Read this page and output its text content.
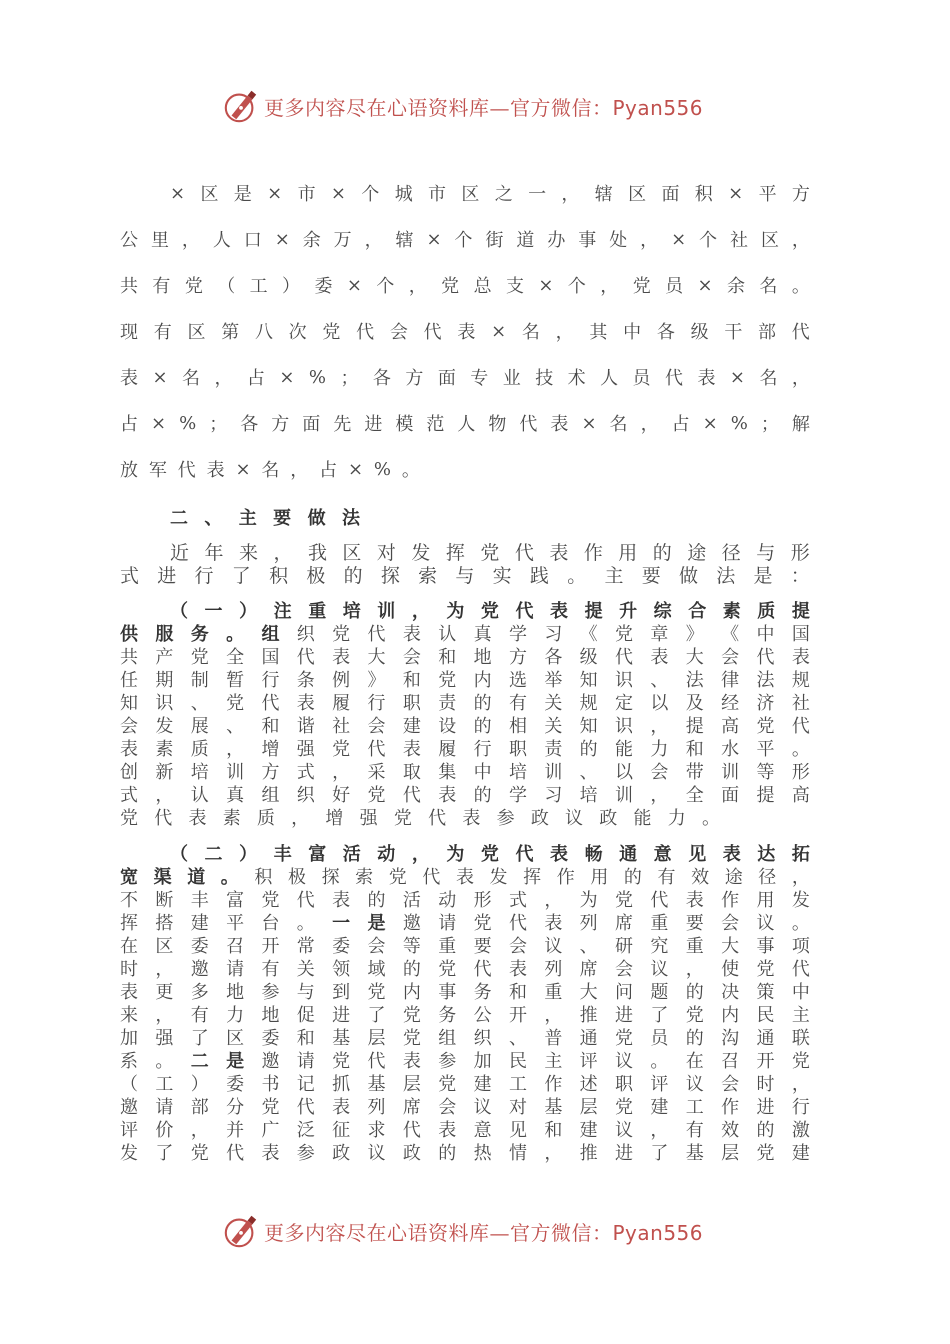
更多内容尽在心语资料库—官方微信：Pyan556
× 区 是 × 市 × 个 城 市 区 之 一 ， 辖 区 面 积 × 平 方
公 里 ， 人 口 × 余 万 ， 辖 × 个 街 道 办 事 处 ， × 个 社 区 ，
共 有 党 （ 工 ） 委 × 个 ， 党 总 支 × 个 ， 党 员 × 余 名 。
现 有 区 第 八 次 党 代 会 代 表 × 名 ， 其 中 各 级 干 部 代
表 × 名 ， 占 × % ； 各 方 面 专 业 技 术 人 员 代 表 × 名 ，
占 × % ； 各 方 面 先 进 模 范 人 物 代 表 × 名 ， 占 × % ； 解
放 军 代 表 × 名 ， 占 × % 。
二 、 主 要 做 法
近 年 来 ， 我 区 对 发 挥 党 代 表 作 用 的 途 径 与 形
式 进 行 了 积 极 的 探 索 与 实 践 。 主 要 做 法 是 ：
（ 一 ） 注 重 培 训 ， 为 党 代 表 提 升 综 合 素 质 提
供 服 务 。 组 织 党 代 表 认 真 学 习 《 党 章 》 《 中 国
共 产 党 全 国 代 表 大 会 和 地 方 各 级 代 表 大 会 代 表
任 期 制 暂 行 条 例 》 和 党 内 选 举 知 识 、 法 律 法 规
知 识 、 党 代 表 履 行 职 责 的 有 关 规 定 以 及 经 济 社
会 发 展 、 和 谐 社 会 建 设 的 相 关 知 识 ， 提 高 党 代
表 素 质 ， 增 强 党 代 表 履 行 职 责 的 能 力 和 水 平 。
创 新 培 训 方 式 ， 采 取 集 中 培 训 、 以 会 带 训 等 形
式 ， 认 真 组 织 好 党 代 表 的 学 习 培 训 ， 全 面 提 高
党 代 表 素 质 ， 增 强 党 代 表 参 政 议 政 能 力 。
（ 二 ） 丰 富 活 动 ， 为 党 代 表 畅 通 意 见 表 达 拓
宽 渠 道 。 积 极 探 索 党 代 表 发 挥 作 用 的 有 效 途 径 ，
不 断 丰 富 党 代 表 的 活 动 形 式 ， 为 党 代 表 作 用 发
挥 搭 建 平 台 。 一 是 邀 请 党 代 表 列 席 重 要 会 议 。
在 区 委 召 开 常 委 会 等 重 要 会 议 、 研 究 重 大 事 项
时 ， 邀 请 有 关 领 域 的 党 代 表 列 席 会 议 ， 使 党 代
表 更 多 地 参 与 到 党 内 事 务 和 重 大 问 题 的 决 策 中
来 ， 有 力 地 促 进 了 党 务 公 开 ， 推 进 了 党 内 民 主
加 强 了 区 委 和 基 层 党 组 织 、 普 通 党 员 的 沟 通 联
系 。 二 是 邀 请 党 代 表 参 加 民 主 评 议 。 在 召 开 党
（ 工 ） 委 书 记 抓 基 层 党 建 工 作 述 职 评 议 会 时 ，
邀 请 部 分 党 代 表 列 席 会 议 对 基 层 党 建 工 作 进 行
评 价 ， 并 广 泛 征 求 代 表 意 见 和 建 议 ， 有 效 的 激
发 了 党 代 表 参 政 议 政 的 热 情 ， 推 进 了 基 层 党 建
更多内容尽在心语资料库—官方微信：Pyan556
